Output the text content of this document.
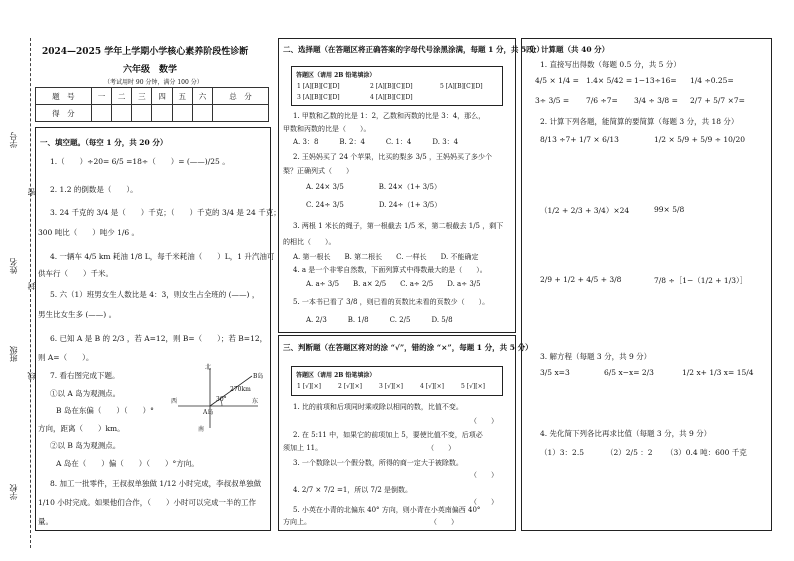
学号
密
姓名
封
班级
线
学校
2024—2025 学年上学期小学核心素养阶段性诊断
六年级　数学
（考试用时 90 分钟，满分 100 分）
题　号	一	二	三	四	五	六	总　分
得　分							
一、填空题。（每空 1 分，共 20 分）
1.（　　）÷20= 6/5 =18÷（　　）= (——)/25 。
2. 1.2 的倒数是（　　）。
3. 24 千克的 3/4 是（　　）千克；（　　）千克的 3/4 是 24 千克；
300 吨比（　　）吨少 1/6 。
4. 一辆车 4/5 km 耗油 1/8 L，每千米耗油（　　）L，1 升汽油可
供车行（　　）千米。
5. 六（1）班男女生人数比是 4：3，则女生占全班的 (——) ，
男生比女生多 (——) 。
6. 已知 A 是 B 的 2/3 ，若 A=12，则 B=（　　）；若 B=12，
则 A=（　　）。
7. 看右图完成下题。
①以 A 岛为观测点。
B 岛在东偏（　　）（　　）°
方向，距离（　　）km。
②以 B 岛为观测点。
A 岛在（　　）偏（　　）（　　）°方向。
8. 加工一批零件，王叔叔单独做 1/12 小时完成，李叔叔单独做
1/10 小时完成。如果他们合作，（　　）小时可以完成一半的工作
量。
北
南
西	东
A岛
B岛
30°
270km
二、选择题（在答题区将正确答案的字母代号涂黑涂满，每题 1 分，共 5 分）
答题区（请用 2B 铅笔填涂）
1 [A][B][C][D]	2 [A][B][C][D]
3 [A][B][C][D]	4 [A][B][C][D]
5 [A][B][C][D]
1. 甲数和乙数的比是 1：2，乙数和丙数的比是 3：4，那么，
甲数和丙数的比是（　　）。
A. 3：8　　　B. 2：4　　　C. 1：4　　　D. 3：4
2. 王妈妈买了 24 个苹果，比买的梨多 3/5 ，王妈妈买了多少个
梨？正确列式（　　）
A. 24× 3/5　　　　　B. 24×（1+ 3/5）
C. 24÷ 3/5　　　　　D. 24÷（1+ 3/5）
3. 两根 1 米长的绳子，第一根截去 1/5 米，第二根截去 1/5 ，剩下
的相比（　　）。
A. 第一根长　　B. 第二根长　　C. 一样长　　D. 不能确定
4. a 是一个非零自然数，下面列算式中得数最大的是（　　）。
A. a÷ 3/5　　B. a× 2/5　　C. a÷ 2/5　　D. a÷ 3/5
5. 一本书已看了 3/8 ，则已看的页数比未看的页数少（　　）。
A. 2/3　　　B. 1/8　　　C. 2/5　　　D. 5/8
三、判断题（在答题区将对的涂 “√”，错的涂 “×”，每题 1 分，共 5 分）
答题区（请用 2B 铅笔填涂）
1 [√][×]	2 [√][×]	3 [√][×]	4 [√][×]	5 [√][×]
1. 比的前项和后项同时乘或除以相同的数，比值不变。
（　　）
2. 在 5:11 中，如果它的前项加上 5，要使比值不变，后项必
须加上 11。　　　　　　　　　　　　　　　　（　　）
3. 一个数除以一个假分数，所得的商一定大于被除数。
（　　）
4. 2/7 × 7/2 =1，所以 7/2 是倒数。
（　　）
5. 小英在小青的北偏东 40° 方向，则小青在小英南偏西 40°
方向上。　　　　　　　　　　　　　　　　　　（　　）
四、计算题（共 40 分）
1. 直接写出得数（每题 0.5 分，共 5 分）
4/5 × 1/4 = 1.4× 5/42 = 1−13÷16= 1/4 ÷0.25=
3÷ 3/5 = 7/6 ÷7= 3/4 ÷ 3/8 = 2/7 + 5/7 ×7=
2. 计算下列各题，能简算的要简算（每题 3 分，共 18 分）
8/13 ÷7+ 1/7 × 6/13	1/2 × 5/9 + 5/9 ÷ 10/20
（1/2 + 2/3 + 3/4）×24	99× 5/8
2/9 + 1/2 + 4/5 + 3/8	7/8 ÷［1−（1/2 + 1/3）］
3. 解方程（每题 3 分，共 9 分）
3/5 x=3	6/5 x−x= 2/3	1/2 x+ 1/3 x= 15/4
4. 先化简下列各比再求比值（每题 3 分，共 9 分）
（1）3：2.5	（2）2/5 ：2 （3）0.4 吨：600 千克
